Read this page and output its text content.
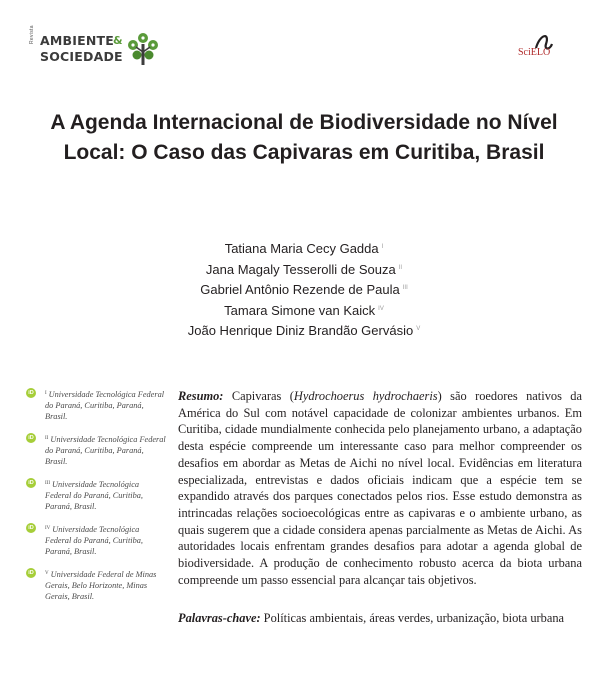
Revista AMBIENTE &
SOCIEDADE	SciELO
A Agenda Internacional de Biodiversidade no Nível Local: O Caso das Capivaras em Curitiba, Brasil
Tatiana Maria Cecy Gadda $^I$
Jana Magaly Tesserolli de Souza $^{II}$
Gabriel Antônio Rezende de Paula $^{III}$
Tamara Simone van Kaick $^{IV}$
João Henrique Diniz Brandão Gervásio $^V$
iD	$^I$ Universidade Tecnológica Federal do Paraná, Curitiba, Paraná, Brasil.
iD	$^{II}$ Universidade Tecnológica Federal do Paraná, Curitiba, Paraná, Brasil.
iD	$^{III}$ Universidade Tecnológica Federal do Paraná, Curitiba, Paraná, Brasil.
iD	$^{IV}$ Universidade Tecnológica Federal do Paraná, Curitiba, Paraná, Brasil.
iD	$^V$ Universidade Federal de Minas Gerais, Belo Horizonte, Minas Gerais, Brasil.

Resumo: Capivaras (Hydrochoerus hydrochaeris) são roedores nativos da América do Sul com notável capacidade de colonizar ambientes urbanos. Em Curitiba, cidade mundialmente conhecida pelo planejamento urbano, a adaptação desta espécie compreende um interessante caso para melhor compreender os desafios em abordar as Metas de Aichi no nível local. Evidências em literatura especializada, entrevistas e dados oficiais indicam que a espécie tem se expandido através dos parques conectados pelos rios. Esse estudo demonstra as intrincadas relações socioecológicas entre as capivaras e o ambiente urbano, as quais sugerem que a cidade considera apenas parcialmente as Metas de Aichi. As autoridades locais enfrentam grandes desafios para adotar a agenda global de biodiversidade. A produção de conhecimento robusto acerca da biota urbana compreende um passo essencial para alcançar tais objetivos.

Palavras-chave: Políticas ambientais, áreas verdes, urbanização, biota urbana
